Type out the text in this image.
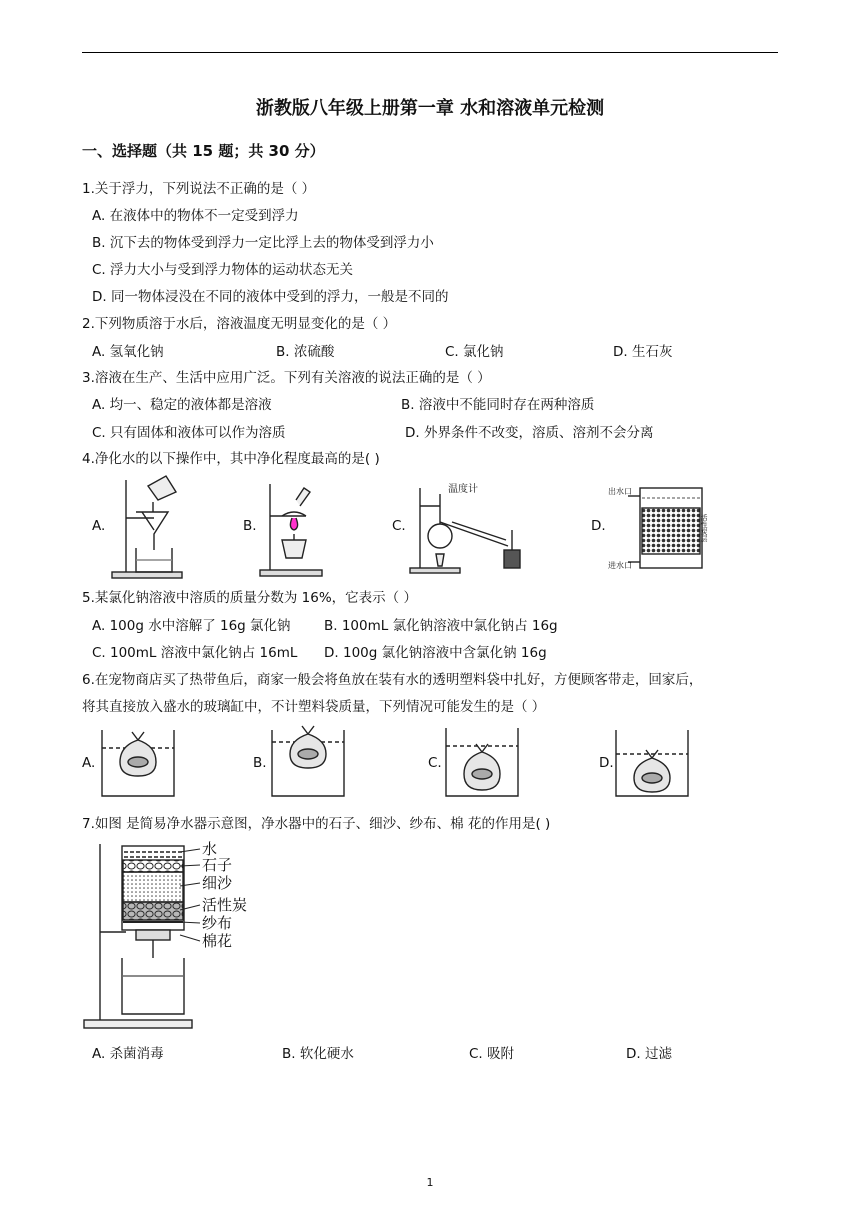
浙教版八年级上册第一章 水和溶液单元检测
一、选择题（共 15 题；共 30 分）
1.关于浮力，下列说法不正确的是（ ）
A. 在液体中的物体不一定受到浮力
B. 沉下去的物体受到浮力一定比浮上去的物体受到浮力小
C. 浮力大小与受到浮力物体的运动状态无关
D. 同一物体浸没在不同的液体中受到的浮力，一般是不同的
2.下列物质溶于水后，溶液温度无明显变化的是（ ）
A. 氢氧化钠	B. 浓硫酸	C. 氯化钠	D. 生石灰
3.溶液在生产、生活中应用广泛。下列有关溶液的说法正确的是（ ）
A. 均一、稳定的液体都是溶液	B. 溶液中不能同时存在两种溶质
C. 只有固体和液体可以作为溶质	D. 外界条件不改变，溶质、溶剂不会分离
4.净化水的以下操作中，其中净化程度最高的是( )
A.	B.	C.	D.
温度计	出水口
进水口
活性炭层
5.某氯化钠溶液中溶质的质量分数为 16%，它表示（ ）
A. 100g 水中溶解了 16g 氯化钠 B. 100mL 氯化钠溶液中氯化钠占 16g
C. 100mL 溶液中氯化钠占 16mL D. 100g 氯化钠溶液中含氯化钠 16g
6.在宠物商店买了热带鱼后，商家一般会将鱼放在装有水的透明塑料袋中扎好，方便顾客带走，回家后，
将其直接放入盛水的玻璃缸中，不计塑料袋质量，下列情况可能发生的是（ ）
A.	B.	C.	D.
7.如图 是简易净水器示意图，净水器中的石子、细沙、纱布、棉 花的作用是( )
水
石子
细沙
活性炭
纱布
棉花
A. 杀菌消毒	B. 软化硬水	C. 吸附	D. 过滤
1
